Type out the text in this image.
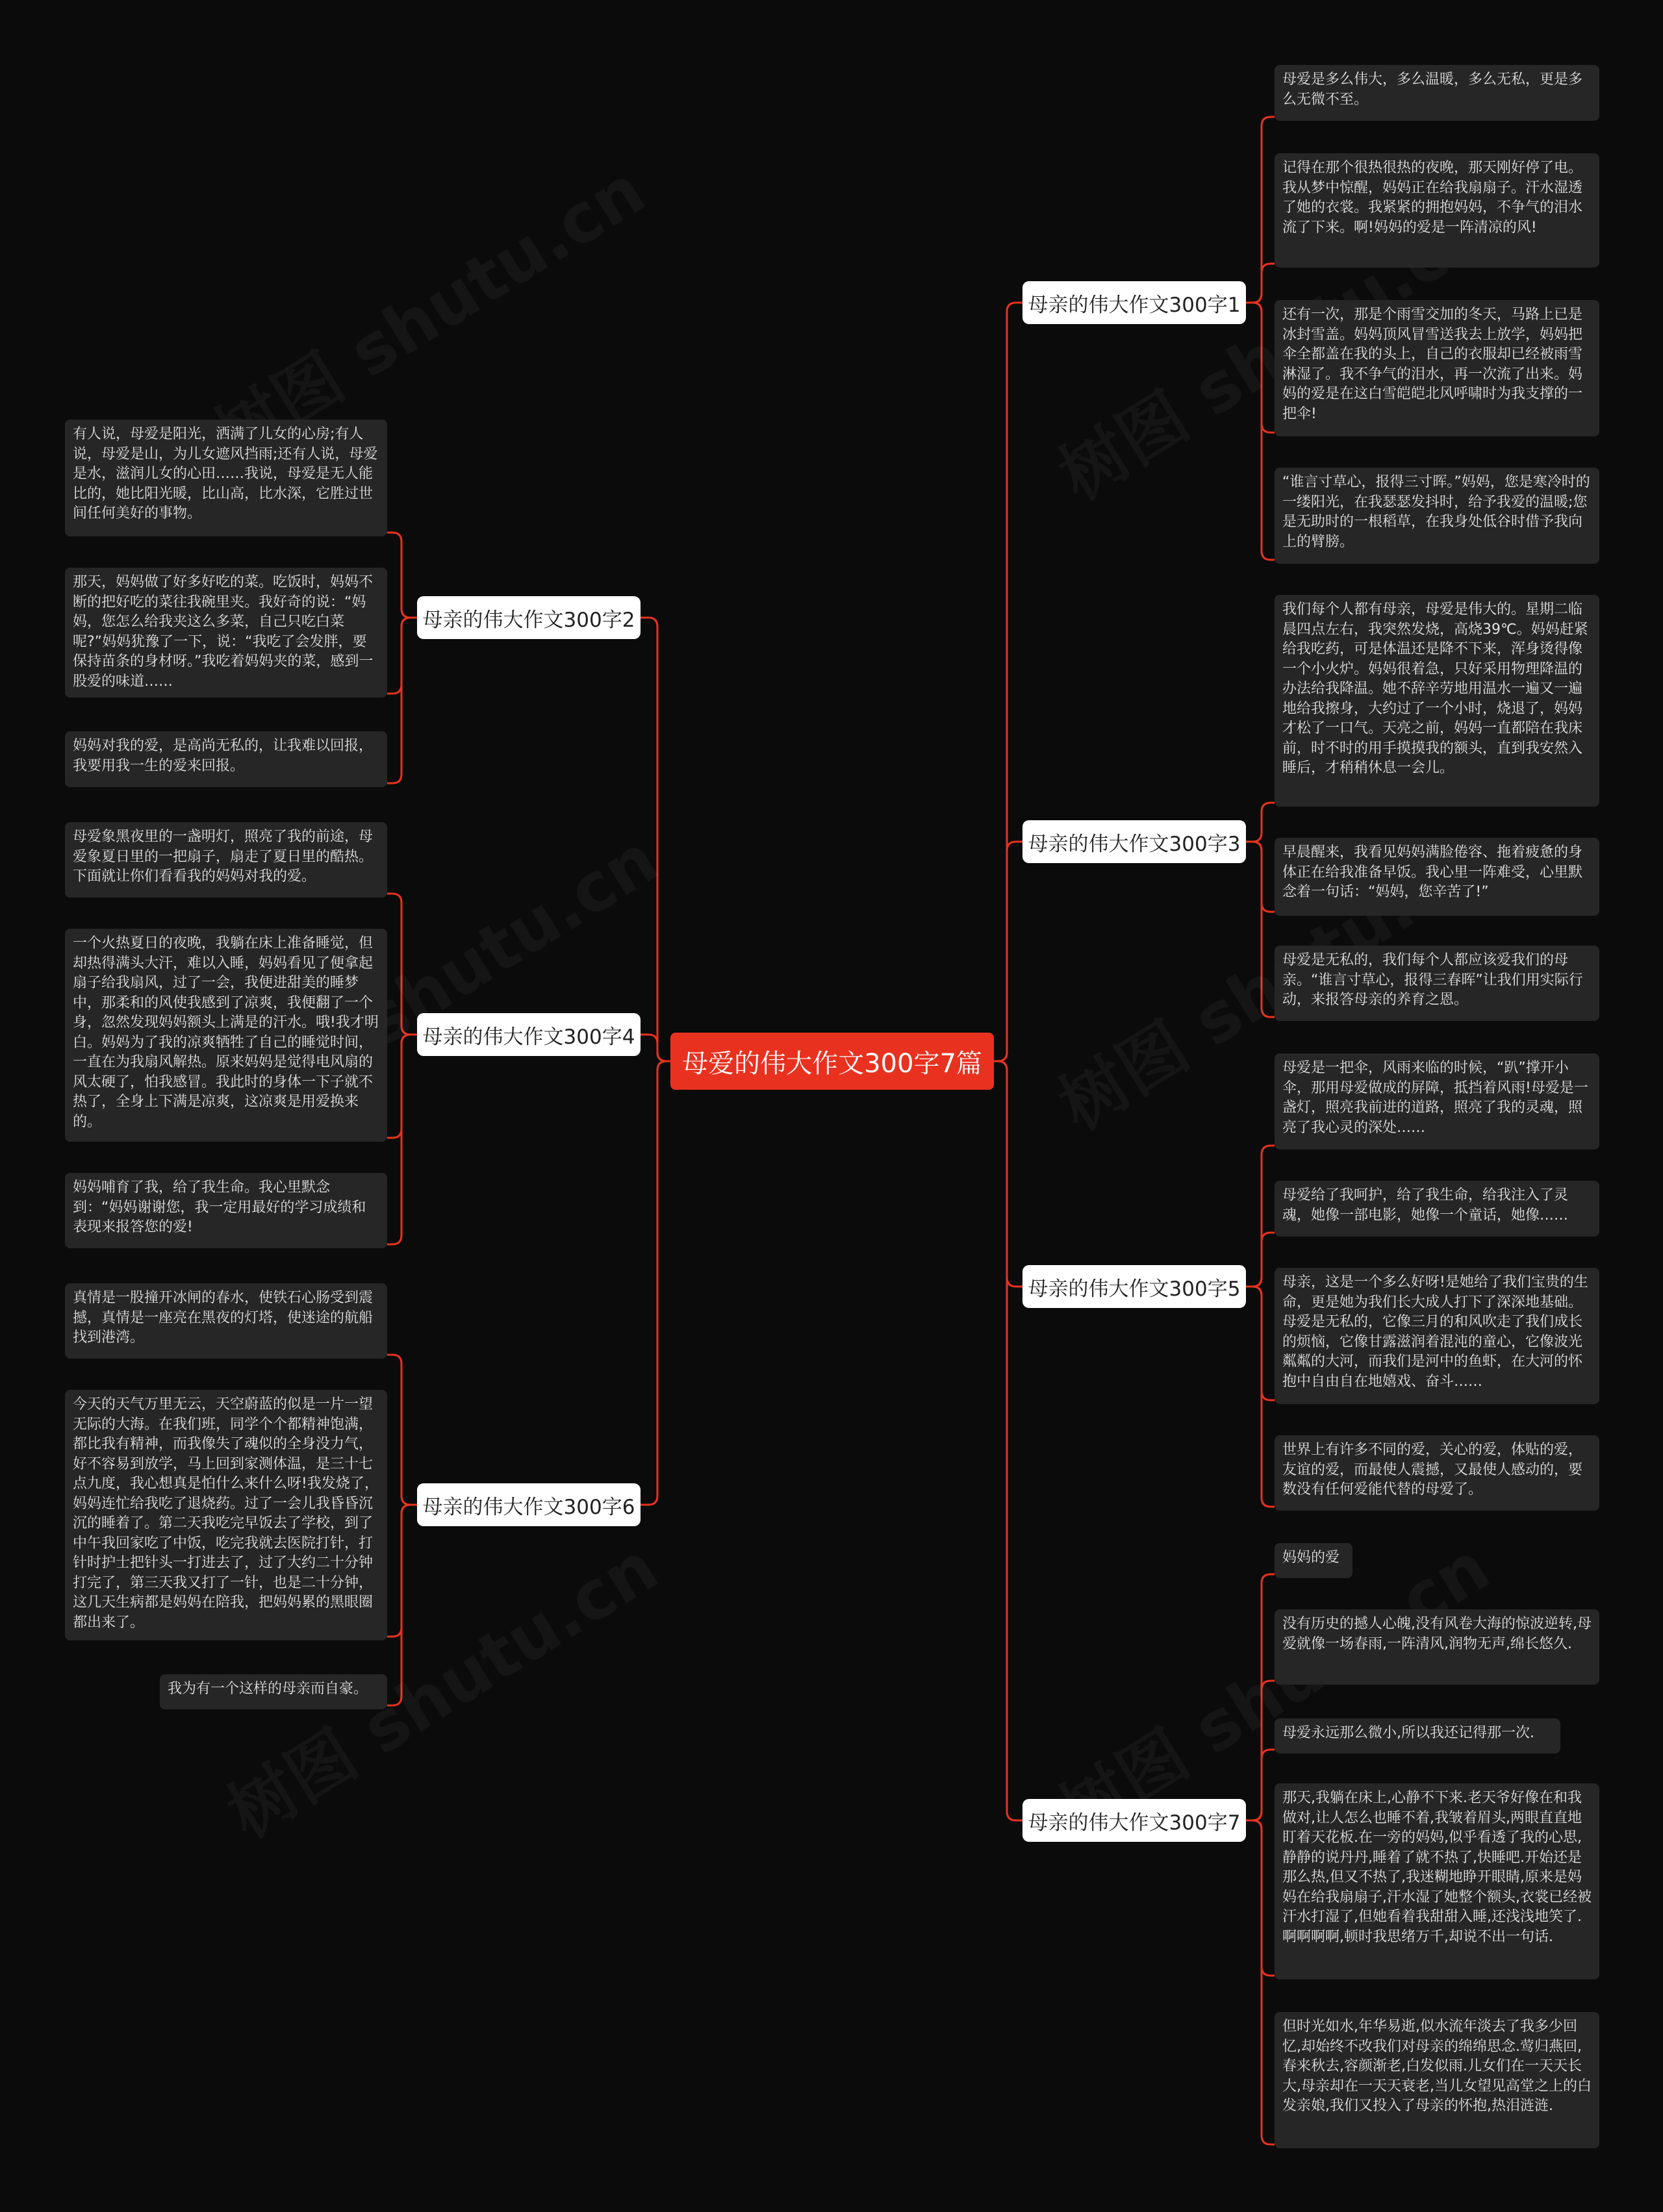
母爱的伟大作文300字7篇
母亲的伟大作文300字1
母爱是多么伟大，多么温暖，多么无私，更是多么无微不至。
记得在那个很热很热的夜晚，那天刚好停了电。我从梦中惊醒，妈妈正在给我扇扇子。汗水湿透了她的衣裳。我紧紧的拥抱妈妈，不争气的泪水流了下来。啊!妈妈的爱是一阵清凉的风!
还有一次，那是个雨雪交加的冬天，马路上已是冰封雪盖。妈妈顶风冒雪送我去上放学，妈妈把伞全都盖在我的头上，自己的衣服却已经被雨雪淋湿了。我不争气的泪水，再一次流了出来。妈妈的爱是在这白雪皑皑北风呼啸时为我支撑的一把伞!
“谁言寸草心，报得三寸晖。”妈妈，您是寒冷时的一缕阳光，在我瑟瑟发抖时，给予我爱的温暖;您是无助时的一根稻草，在我身处低谷时借予我向上的臂膀。
母亲的伟大作文300字3
我们每个人都有母亲，母爱是伟大的。星期二临晨四点左右，我突然发烧，高烧39℃。妈妈赶紧给我吃药，可是体温还是降不下来，浑身烫得像一个小火炉。妈妈很着急，只好采用物理降温的办法给我降温。她不辞辛劳地用温水一遍又一遍地给我擦身，大约过了一个小时，烧退了，妈妈才松了一口气。天亮之前，妈妈一直都陪在我床前，时不时的用手摸摸我的额头，直到我安然入睡后，才稍稍休息一会儿。
早晨醒来，我看见妈妈满脸倦容、拖着疲惫的身体正在给我准备早饭。我心里一阵难受，心里默念着一句话：“妈妈，您辛苦了!”
母爱是无私的，我们每个人都应该爱我们的母亲。“谁言寸草心，报得三春晖”让我们用实际行动，来报答母亲的养育之恩。
母亲的伟大作文300字5
母爱是一把伞，风雨来临的时候，“趴”撑开小伞，那用母爱做成的屏障，抵挡着风雨!母爱是一盏灯，照亮我前进的道路，照亮了我的灵魂，照亮了我心灵的深处……
母爱给了我呵护，给了我生命，给我注入了灵魂，她像一部电影，她像一个童话，她像……
母亲，这是一个多么好呀!是她给了我们宝贵的生命，更是她为我们长大成人打下了深深地基础。母爱是无私的，它像三月的和风吹走了我们成长的烦恼，它像甘露滋润着混沌的童心，它像波光粼粼的大河，而我们是河中的鱼虾，在大河的怀抱中自由自在地嬉戏、奋斗……
世界上有许多不同的爱，关心的爱，体贴的爱，友谊的爱，而最使人震撼，又最使人感动的，要数没有任何爱能代替的母爱了。
母亲的伟大作文300字7
妈妈的爱
没有历史的撼人心魄,没有风卷大海的惊波逆转,母爱就像一场春雨,一阵清风,润物无声,绵长悠久.
母爱永远那么微小,所以我还记得那一次.
那天,我躺在床上,心静不下来.老天爷好像在和我做对,让人怎么也睡不着,我皱着眉头,两眼直直地盯着天花板.在一旁的妈妈,似乎看透了我的心思,静静的说丹丹,睡着了就不热了,快睡吧.开始还是那么热,但又不热了,我迷糊地睁开眼睛,原来是妈妈在给我扇扇子,汗水湿了她整个额头,衣裳已经被汗水打湿了,但她看着我甜甜入睡,还浅浅地笑了.啊啊啊啊,顿时我思绪万千,却说不出一句话.
但时光如水,年华易逝,似水流年淡去了我多少回忆,却始终不改我们对母亲的绵绵思念.莺归燕回,春来秋去,容颜渐老,白发似雨.儿女们在一天天长大,母亲却在一天天衰老,当儿女望见高堂之上的白发亲娘,我们又投入了母亲的怀抱,热泪涟涟.
母亲的伟大作文300字2
有人说，母爱是阳光，洒满了儿女的心房;有人说，母爱是山，为儿女遮风挡雨;还有人说，母爱是水，滋润儿女的心田……我说，母爱是无人能比的，她比阳光暖，比山高，比水深，它胜过世间任何美好的事物。
那天，妈妈做了好多好吃的菜。吃饭时，妈妈不断的把好吃的菜往我碗里夹。我好奇的说：“妈妈，您怎么给我夹这么多菜，自己只吃白菜呢?”妈妈犹豫了一下，说：“我吃了会发胖，要保持苗条的身材呀。”我吃着妈妈夹的菜，感到一股爱的味道……
妈妈对我的爱，是高尚无私的，让我难以回报，我要用我一生的爱来回报。
母亲的伟大作文300字4
母爱象黑夜里的一盏明灯，照亮了我的前途，母爱象夏日里的一把扇子，扇走了夏日里的酷热。下面就让你们看看我的妈妈对我的爱。
一个火热夏日的夜晚，我躺在床上准备睡觉，但却热得满头大汗，难以入睡，妈妈看见了便拿起扇子给我扇风，过了一会，我便进甜美的睡梦中，那柔和的风使我感到了凉爽，我便翻了一个身，忽然发现妈妈额头上满是的汗水。哦!我才明白。妈妈为了我的凉爽牺牲了自己的睡觉时间，一直在为我扇风解热。原来妈妈是觉得电风扇的风太硬了，怕我感冒。我此时的身体一下子就不热了，全身上下满是凉爽，这凉爽是用爱换来的。
妈妈哺育了我，给了我生命。我心里默念到：“妈妈谢谢您，我一定用最好的学习成绩和表现来报答您的爱!
母亲的伟大作文300字6
真情是一股撞开冰闸的春水，使铁石心肠受到震撼，真情是一座亮在黑夜的灯塔，使迷途的航船找到港湾。
今天的天气万里无云，天空蔚蓝的似是一片一望无际的大海。在我们班，同学个个都精神饱满，都比我有精神，而我像失了魂似的全身没力气，好不容易到放学，马上回到家测体温，是三十七点九度，我心想真是怕什么来什么呀!我发烧了，妈妈连忙给我吃了退烧药。过了一会儿我昏昏沉沉的睡着了。第二天我吃完早饭去了学校，到了中午我回家吃了中饭，吃完我就去医院打针，打针时护士把针头一打进去了，过了大约二十分钟打完了，第三天我又打了一针，也是二十分钟，这几天生病都是妈妈在陪我，把妈妈累的黑眼圈都出来了。
我为有一个这样的母亲而自豪。
